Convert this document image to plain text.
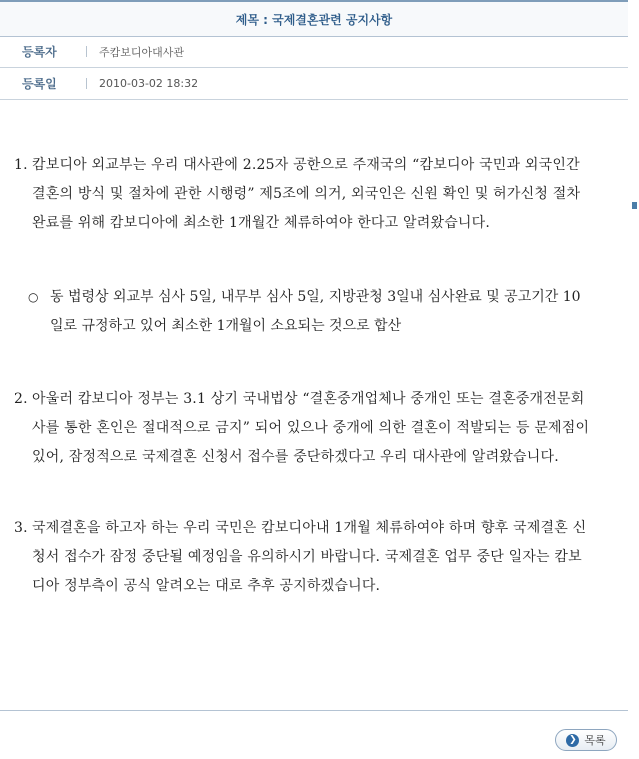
제목 : 국제결혼관련 공지사항
등록자	주캄보디아대사관
등록일	2010-03-02 18:32
1. 캄보디아 외교부는 우리 대사관에 2.25자 공한으로 주재국의 “캄보디아 국민과 외국인간 결혼의 방식 및 절차에 관한 시행령” 제5조에 의거, 외국인은 신원 확인 및 허가신청 절차 완료를 위해 캄보디아에 최소한 1개월간 체류하여야 한다고 알려왔습니다.
○ 동 법령상 외교부 심사 5일, 내무부 심사 5일, 지방관청 3일내 심사완료 및 공고기간 10일로 규정하고 있어 최소한 1개월이 소요되는 것으로 합산
2. 아울러 캄보디아 정부는 3.1 상기 국내법상 “결혼중개업체나 중개인 또는 결혼중개전문회사를 통한 혼인은 절대적으로 금지” 되어 있으나 중개에 의한 결혼이 적발되는 등 문제점이 있어, 잠정적으로 국제결혼 신청서 접수를 중단하겠다고 우리 대사관에 알려왔습니다.
3. 국제결혼을 하고자 하는 우리 국민은 캄보디아내 1개월 체류하여야 하며 향후 국제결혼 신청서 접수가 잠정 중단될 예정임을 유의하시기 바랍니다. 국제결혼 업무 중단 일자는 캄보디아 정부측이 공식 알려오는 대로 추후 공지하겠습니다.
❯ 목록
